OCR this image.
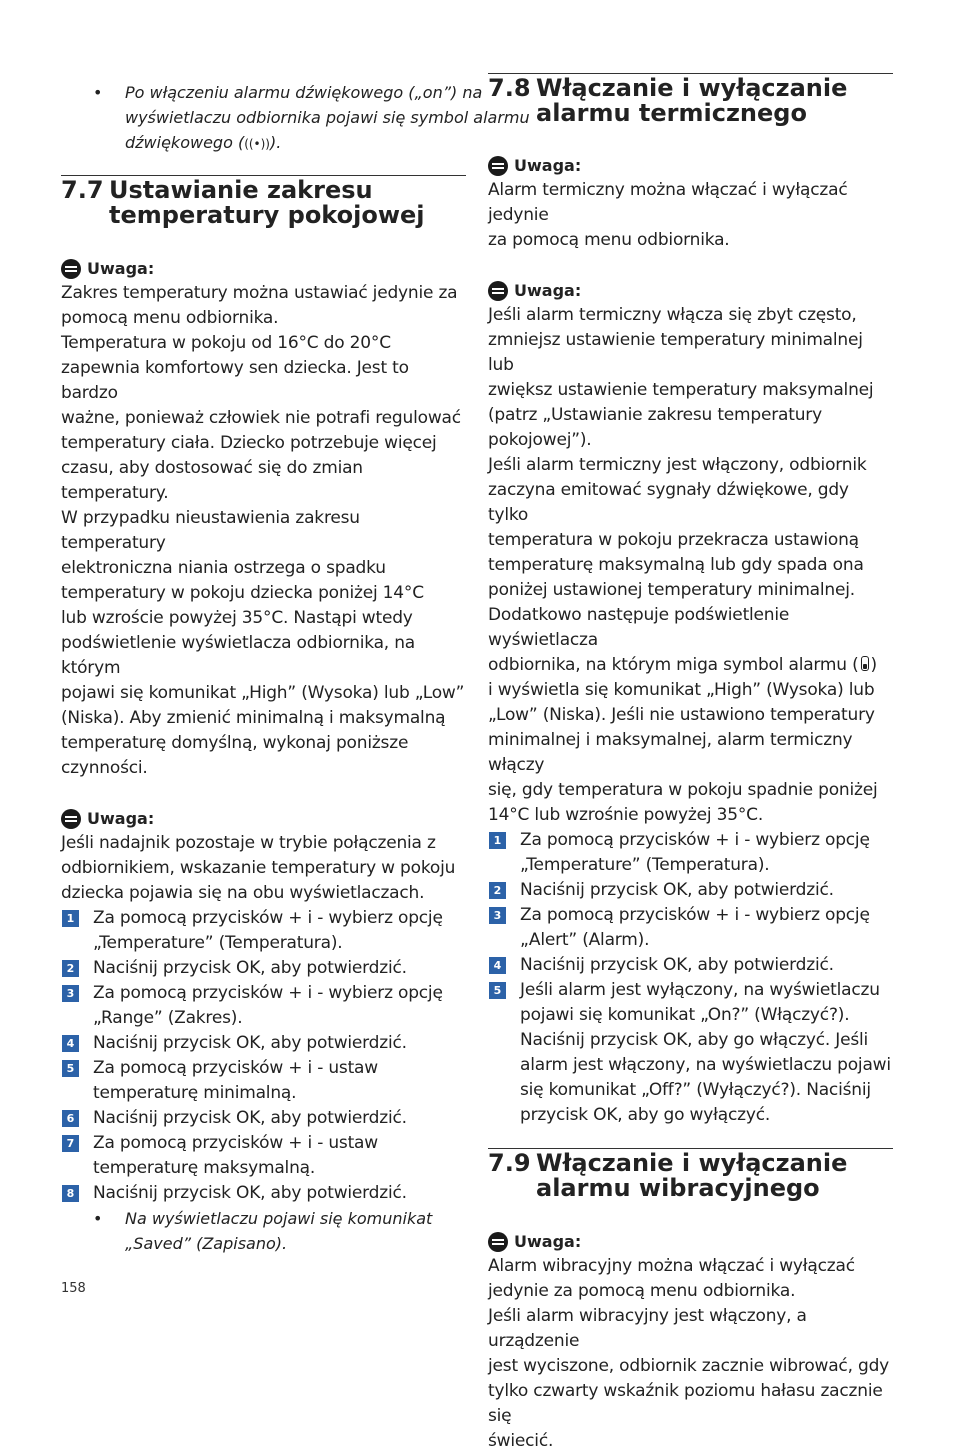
• Po włączeniu alarmu dźwiękowego („on”) na wyświetlaczu odbiornika pojawi się symbol alarmu dźwiękowego (((•))).
7.7 Ustawianie zakresu temperatury pokojowej
Uwaga:

Zakres temperatury można ustawiać jedynie za

pomocą menu odbiornika.

Temperatura w pokoju od 16°C do 20°C

zapewnia komfortowy sen dziecka. Jest to bardzo

ważne, ponieważ człowiek nie potrafi regulować

temperatury ciała. Dziecko potrzebuje więcej

czasu, aby dostosować się do zmian temperatury.

W przypadku nieustawienia zakresu temperatury

elektroniczna niania ostrzega o spadku

temperatury w pokoju dziecka poniżej 14°C

lub wzroście powyżej 35°C. Nastąpi wtedy

podświetlenie wyświetlacza odbiornika, na którym

pojawi się komunikat „High” (Wysoka) lub „Low”

(Niska). Aby zmienić minimalną i maksymalną

temperaturę domyślną, wykonaj poniższe

czynności.

Uwaga:

Jeśli nadajnik pozostaje w trybie połączenia z

odbiornikiem, wskazanie temperatury w pokoju

dziecka pojawia się na obu wyświetlaczach.

1 Za pomocą przycisków + i - wybierz opcję

„Temperature” (Temperatura).

2 Naciśnij przycisk OK, aby potwierdzić.

3 Za pomocą przycisków + i - wybierz opcję

„Range” (Zakres).

4 Naciśnij przycisk OK, aby potwierdzić.

5 Za pomocą przycisków + i - ustaw

temperaturę minimalną.

6 Naciśnij przycisk OK, aby potwierdzić.

7 Za pomocą przycisków + i - ustaw

temperaturę maksymalną.

8 Naciśnij przycisk OK, aby potwierdzić.

• Na wyświetlaczu pojawi się komunikat
„Saved” (Zapisano).
7.8 Włączanie i wyłączanie alarmu termicznego
Uwaga:

Alarm termiczny można włączać i wyłączać jedynie

za pomocą menu odbiornika.

Uwaga:

Jeśli alarm termiczny włącza się zbyt często,

zmniejsz ustawienie temperatury minimalnej lub

zwiększ ustawienie temperatury maksymalnej

(patrz „Ustawianie zakresu temperatury

pokojowej”).

Jeśli alarm termiczny jest włączony, odbiornik

zaczyna emitować sygnały dźwiękowe, gdy tylko

temperatura w pokoju przekracza ustawioną

temperaturę maksymalną lub gdy spada ona

poniżej ustawionej temperatury minimalnej.

Dodatkowo następuje podświetlenie wyświetlacza

odbiornika, na którym miga symbol alarmu ( )

i wyświetla się komunikat „High” (Wysoka) lub

„Low” (Niska). Jeśli nie ustawiono temperatury

minimalnej i maksymalnej, alarm termiczny włączy

się, gdy temperatura w pokoju spadnie poniżej

14°C lub wzrośnie powyżej 35°C.

1 Za pomocą przycisków + i - wybierz opcję

„Temperature” (Temperatura).

2 Naciśnij przycisk OK, aby potwierdzić.

3 Za pomocą przycisków + i - wybierz opcję

„Alert” (Alarm).

4 Naciśnij przycisk OK, aby potwierdzić.

5 Jeśli alarm jest wyłączony, na wyświetlaczu

pojawi się komunikat „On?” (Włączyć?).

Naciśnij przycisk OK, aby go włączyć. Jeśli

alarm jest włączony, na wyświetlaczu pojawi

się komunikat „Off?” (Wyłączyć?). Naciśnij

przycisk OK, aby go wyłączyć.

7.9 Włączanie i wyłączanie alarmu wibracyjnego
Uwaga:

Alarm wibracyjny można włączać i wyłączać

jedynie za pomocą menu odbiornika.

Jeśli alarm wibracyjny jest włączony, a urządzenie

jest wyciszone, odbiornik zacznie wibrować, gdy

tylko czwarty wskaźnik poziomu hałasu zacznie się

świecić.

158
